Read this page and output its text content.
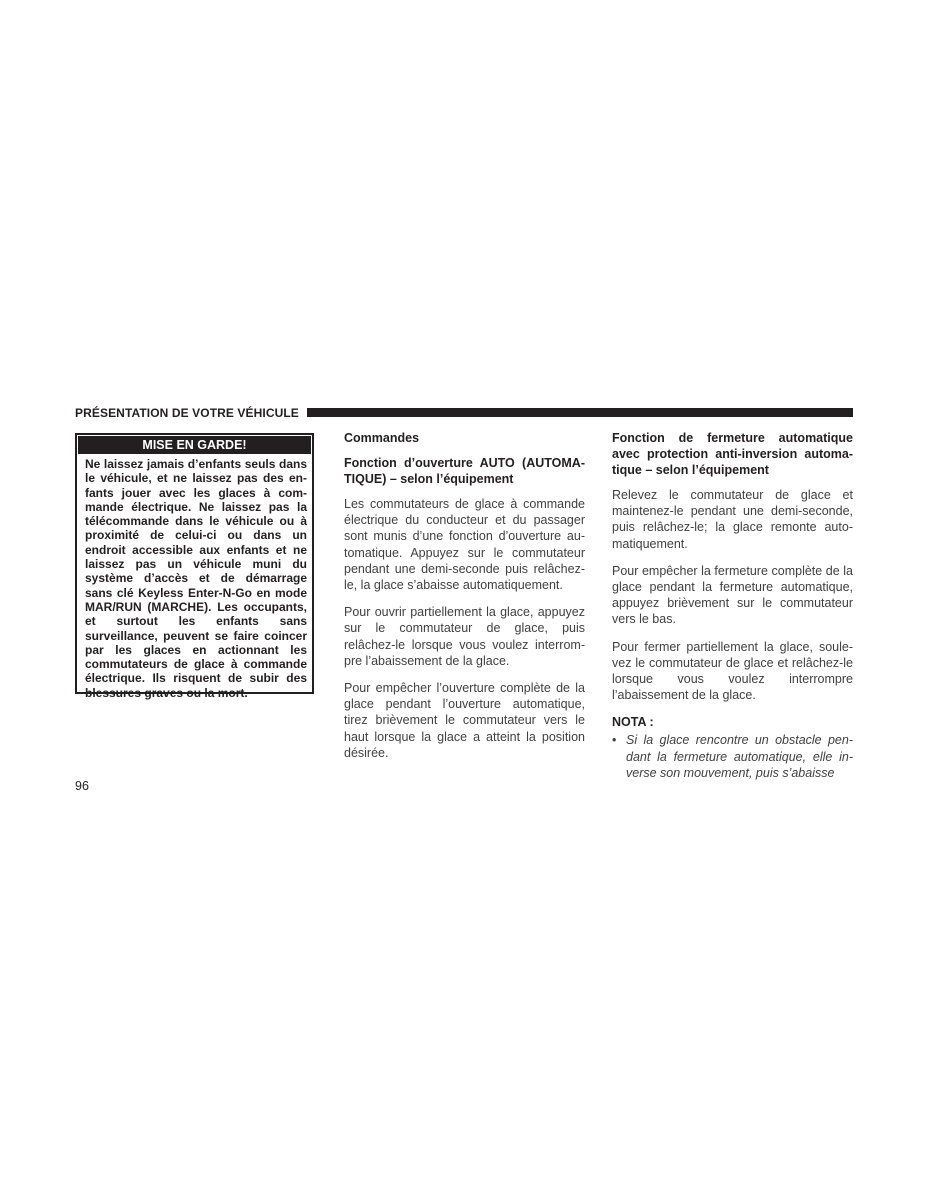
PRÉSENTATION DE VOTRE VÉHICULE
MISE EN GARDE!
Ne laissez jamais d’enfants seuls dans le véhicule, et ne laissez pas des enfants jouer avec les glaces à commande électrique. Ne laissez pas la télécommande dans le véhicule ou à proximité de celui-ci ou dans un endroit accessible aux enfants et ne laissez pas un véhicule muni du système d’accès et de démarrage sans clé Keyless Enter-N-Go en mode MAR/RUN (MARCHE). Les occupants, et surtout les enfants sans surveillance, peuvent se faire coincer par les glaces en actionnant les commutateurs de glace à commande électrique. Ils risquent de subir des blessures graves ou la mort.
Commandes
Fonction d’ouverture AUTO (AUTOMATIQUE) – selon l’équipement

Les commutateurs de glace à commande électrique du conducteur et du passager sont munis d’une fonction d’ouverture automatique. Appuyez sur le commutateur pendant une demi-seconde puis relâchez-le, la glace s’abaisse automatiquement.

Pour ouvrir partiellement la glace, appuyez sur le commutateur de glace, puis relâchez-le lorsque vous voulez interrompre l’abaissement de la glace.

Pour empêcher l’ouverture complète de la glace pendant l’ouverture automatique, tirez brièvement le commutateur vers le haut lorsque la glace a atteint la position désirée.

Fonction de fermeture automatique avec protection anti-inversion automatique – selon l’équipement

Relevez le commutateur de glace et maintenez-le pendant une demi-seconde, puis relâchez-le; la glace remonte automatiquement.

Pour empêcher la fermeture complète de la glace pendant la fermeture automatique, appuyez brièvement sur le commutateur vers le bas.

Pour fermer partiellement la glace, soulevez le commutateur de glace et relâchez-le lorsque vous voulez interrompre l’abaissement de la glace.

NOTA :
• Si la glace rencontre un obstacle pendant la fermeture automatique, elle inverse son mouvement, puis s’abaisse
96
